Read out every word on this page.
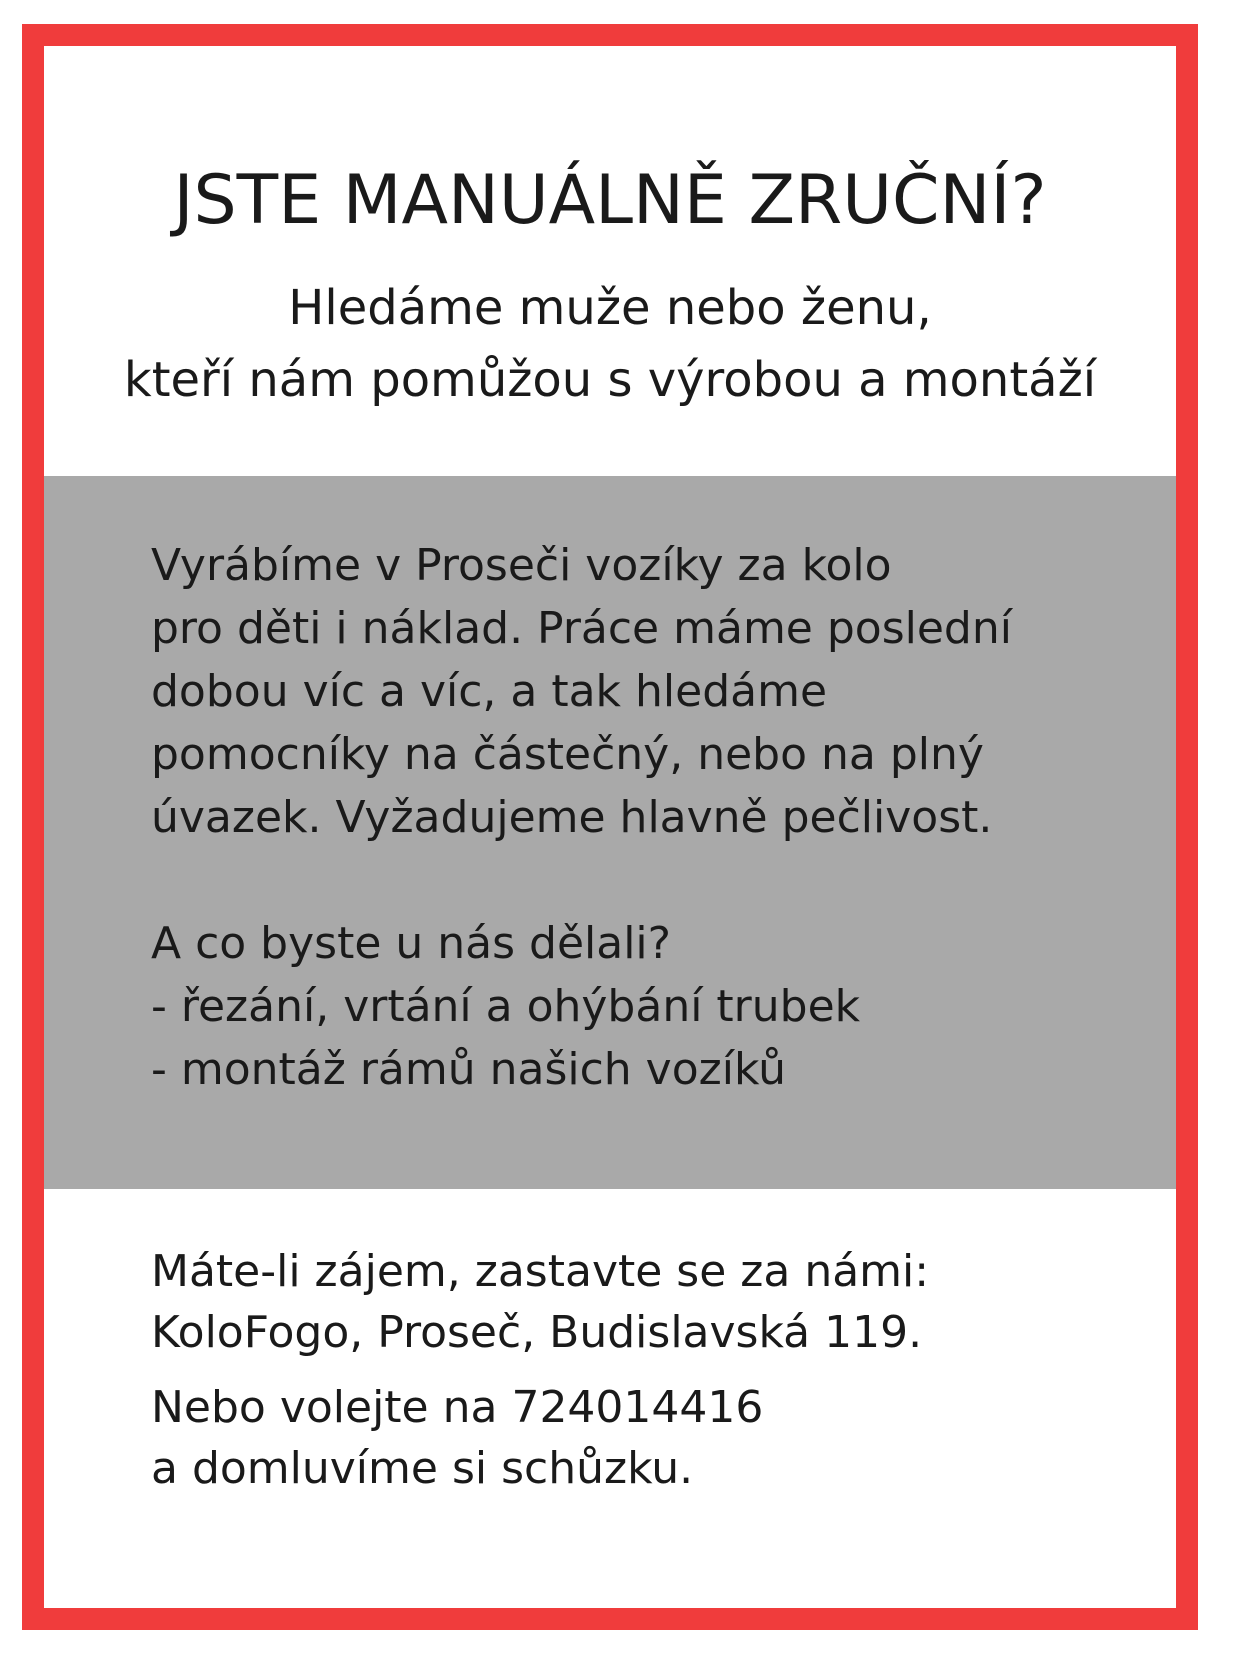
JSTE MANUÁLNĚ ZRUČNÍ?
Hledáme muže nebo ženu,
kteří nám pomůžou s výrobou a montáží
Vyrábíme v Proseči vozíky za kolo
pro děti i náklad. Práce máme poslední
dobou víc a víc, a tak hledáme
pomocníky na částečný, nebo na plný
úvazek. Vyžadujeme hlavně pečlivost.
A co byste u nás dělali?
- řezání, vrtání a ohýbání trubek
- montáž rámů našich vozíků
Máte-li zájem, zastavte se za námi:
KoloFogo, Proseč, Budislavská 119.
Nebo volejte na 724014416
a domluvíme si schůzku.
